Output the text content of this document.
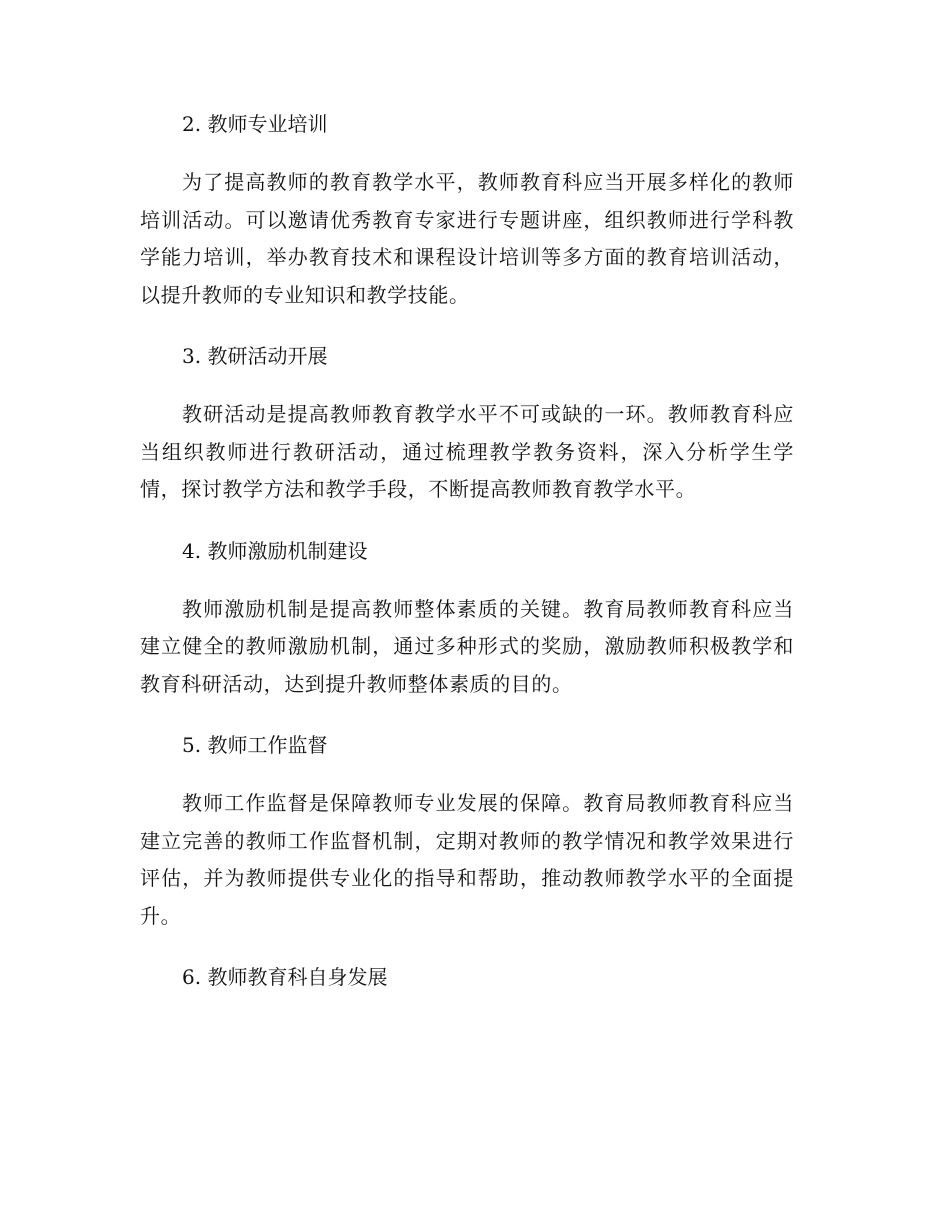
2. 教师专业培训

为了提高教师的教育教学水平，教师教育科应当开展多样化的教师培训活动。可以邀请优秀教育专家进行专题讲座，组织教师进行学科教学能力培训，举办教育技术和课程设计培训等多方面的教育培训活动，以提升教师的专业知识和教学技能。

3. 教研活动开展

教研活动是提高教师教育教学水平不可或缺的一环。教师教育科应当组织教师进行教研活动，通过梳理教学教务资料，深入分析学生学情，探讨教学方法和教学手段，不断提高教师教育教学水平。

4. 教师激励机制建设

教师激励机制是提高教师整体素质的关键。教育局教师教育科应当建立健全的教师激励机制，通过多种形式的奖励，激励教师积极教学和教育科研活动，达到提升教师整体素质的目的。

5. 教师工作监督

教师工作监督是保障教师专业发展的保障。教育局教师教育科应当建立完善的教师工作监督机制，定期对教师的教学情况和教学效果进行评估，并为教师提供专业化的指导和帮助，推动教师教学水平的全面提升。

6. 教师教育科自身发展
